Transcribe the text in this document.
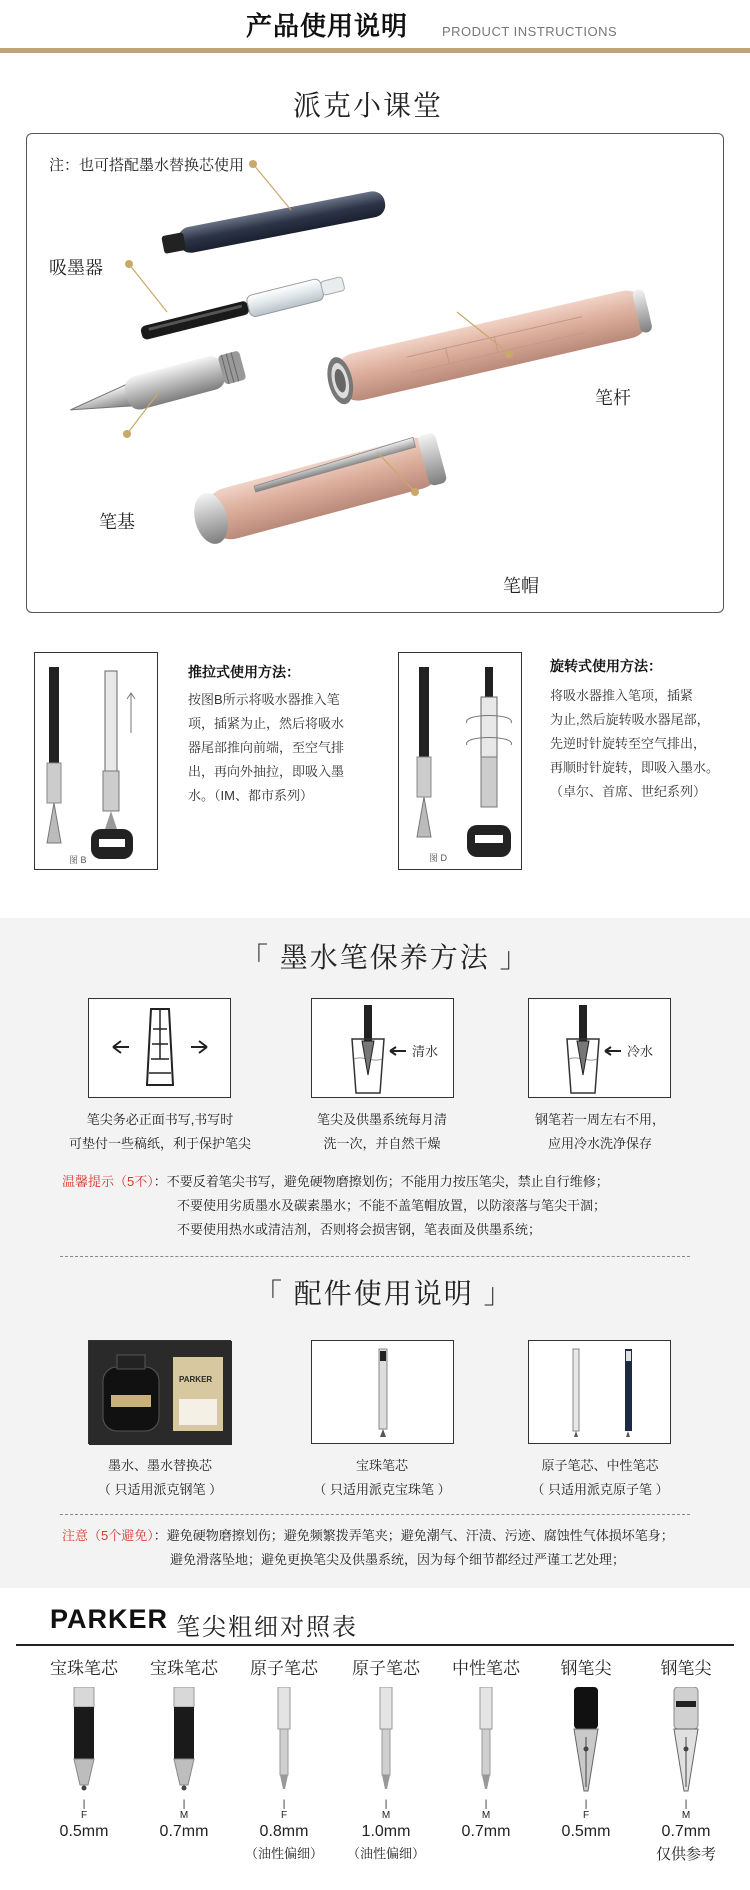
产品使用说明	PRODUCT INSTRUCTIONS
派克小课堂
注：也可搭配墨水替换芯使用
吸墨器
笔杆
笔基
笔帽
图 B
推拉式使用方法：
按图B所示将吸水器推入笔
项，插紧为止，然后将吸水
器尾部推向前端，至空气排
出，再向外抽拉，即吸入墨
水。（IM、都市系列）
图 D
旋转式使用方法：
将吸水器推入笔项，插紧
为止,然后旋转吸水器尾部，
先逆时针旋转至空气排出，
再顺时针旋转，即吸入墨水。
（卓尔、首席、世纪系列）
「 墨水笔保养方法 」
清水	冷水
笔尖务必正面书写,书写时
可垫付一些稿纸，利于保护笔尖
笔尖及供墨系统每月清
洗一次，并自然干燥
钢笔若一周左右不用，
应用冷水洗净保存
温馨提示（5不）：不要反着笔尖书写，避免硬物磨擦划伤；不能用力按压笔尖，禁止自行维修；
不要使用劣质墨水及碳素墨水；不能不盖笔帽放置，以防滚落与笔尖干涸；
不要使用热水或清洁剂，否则将会损害钢，笔表面及供墨系统；
「 配件使用说明 」
PARKER
墨水、墨水替换芯
（ 只适用派克钢笔 ）
宝珠笔芯
（ 只适用派克宝珠笔 ）
原子笔芯、中性笔芯
（ 只适用派克原子笔 ）
注意（5个避免）：避免硬物磨擦划伤；避免频繁拨弄笔夹；避免潮气、汗渍、污迹、腐蚀性气体损坏笔身；
避免滑落坠地；避免更换笔尖及供墨系统，因为每个细节都经过严谨工艺处理；
PARKER 笔尖粗细对照表
宝珠笔芯
|
F
0.5mm
宝珠笔芯
|
M
0.7mm
原子笔芯
|
F
0.8mm
（油性偏细）
原子笔芯
|
M
1.0mm
（油性偏细）
中性笔芯
|
M
0.7mm
钢笔尖
|
F
0.5mm
钢笔尖
|
M
0.7mm
仅供参考
